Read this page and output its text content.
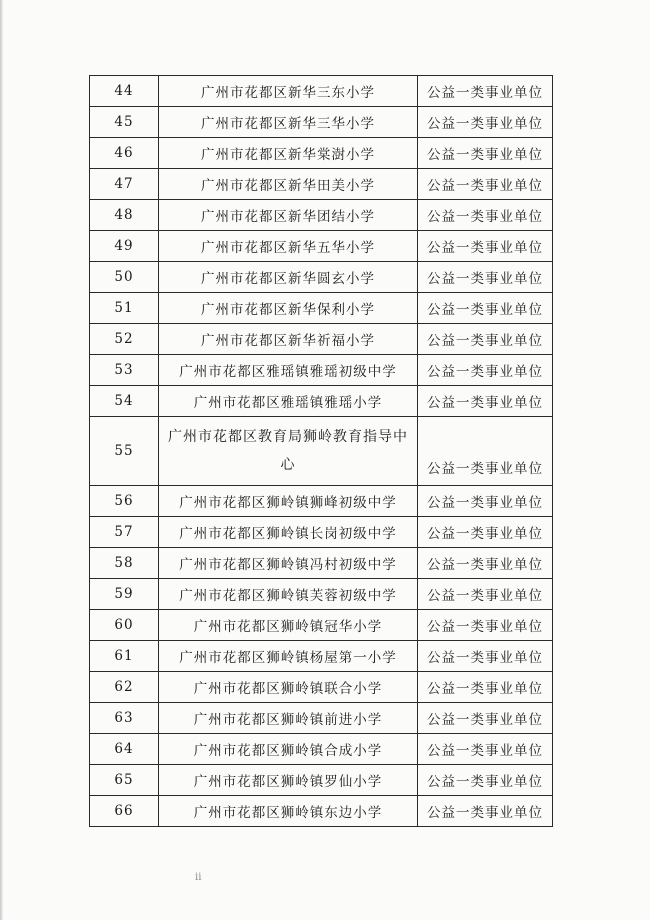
44	广州市花都区新华三东小学	公益一类事业单位
45	广州市花都区新华三华小学	公益一类事业单位
46	广州市花都区新华棠澍小学	公益一类事业单位
47	广州市花都区新华田美小学	公益一类事业单位
48	广州市花都区新华团结小学	公益一类事业单位
49	广州市花都区新华五华小学	公益一类事业单位
50	广州市花都区新华圆玄小学	公益一类事业单位
51	广州市花都区新华保利小学	公益一类事业单位
52	广州市花都区新华祈福小学	公益一类事业单位
53	广州市花都区雅瑶镇雅瑶初级中学	公益一类事业单位
54	广州市花都区雅瑶镇雅瑶小学	公益一类事业单位
55	广州市花都区教育局狮岭教育指导中心	公益一类事业单位
56	广州市花都区狮岭镇狮峰初级中学	公益一类事业单位
57	广州市花都区狮岭镇长岗初级中学	公益一类事业单位
58	广州市花都区狮岭镇冯村初级中学	公益一类事业单位
59	广州市花都区狮岭镇芙蓉初级中学	公益一类事业单位
60	广州市花都区狮岭镇冠华小学	公益一类事业单位
61	广州市花都区狮岭镇杨屋第一小学	公益一类事业单位
62	广州市花都区狮岭镇联合小学	公益一类事业单位
63	广州市花都区狮岭镇前进小学	公益一类事业单位
64	广州市花都区狮岭镇合成小学	公益一类事业单位
65	广州市花都区狮岭镇罗仙小学	公益一类事业单位
66	广州市花都区狮岭镇东边小学	公益一类事业单位
ii
